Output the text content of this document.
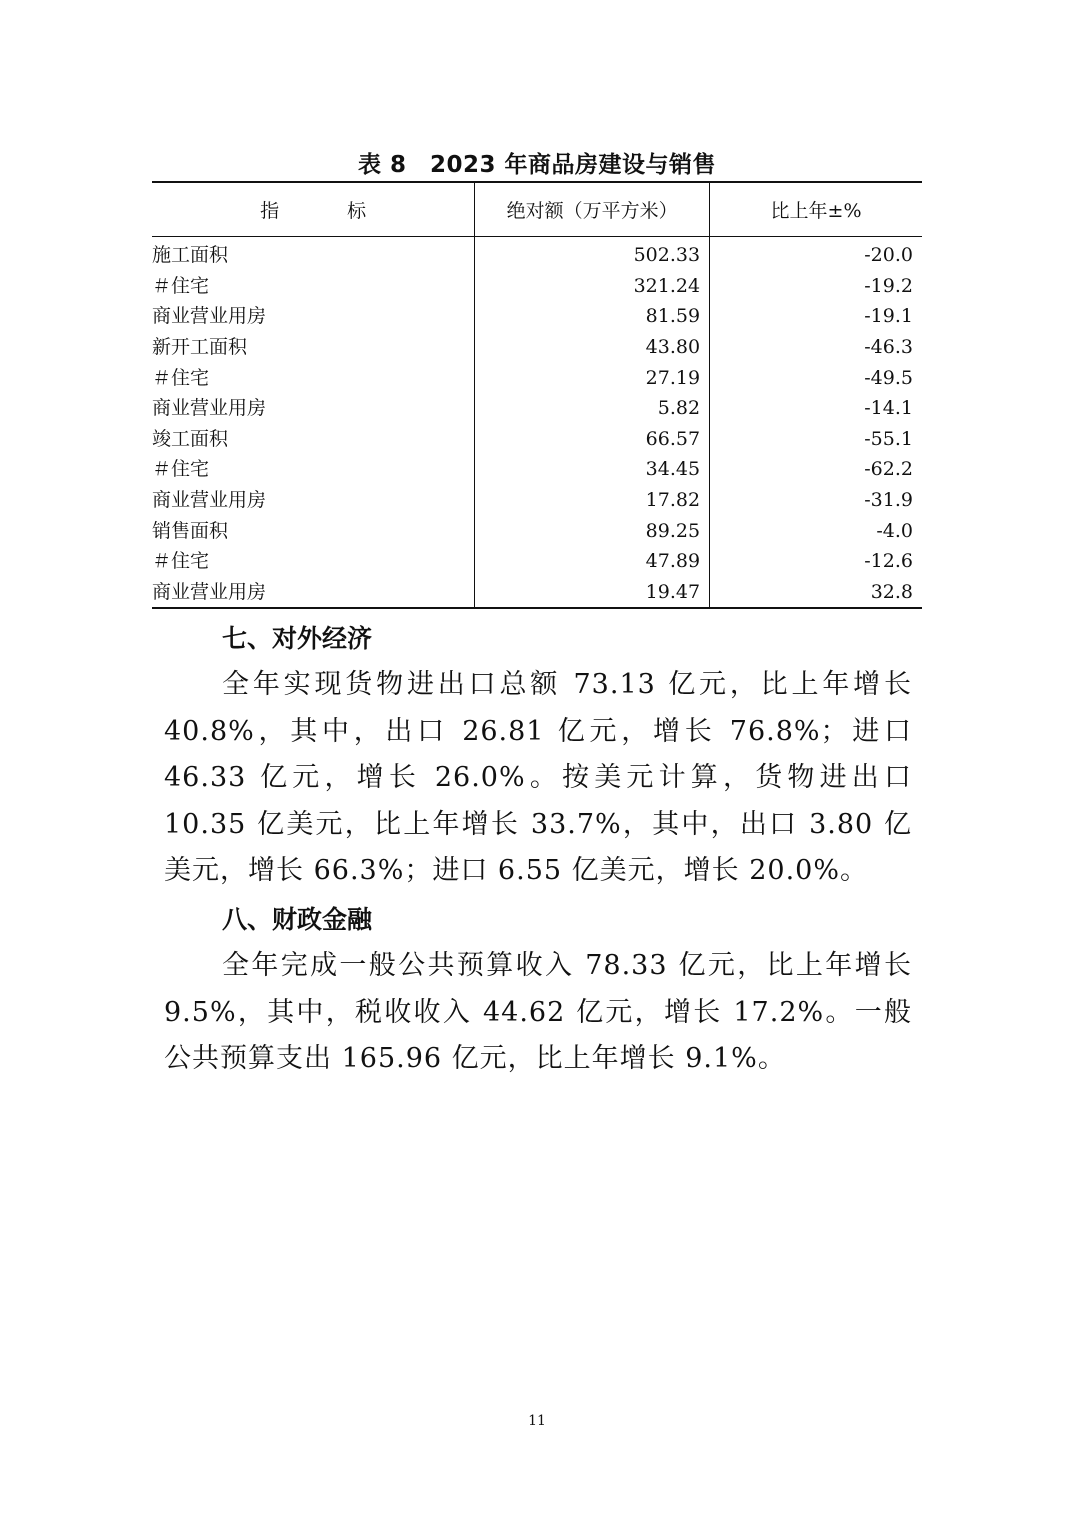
表 8　2023 年商品房建设与销售
指 标	绝对额（万平方米）	比上年±%
施工面积	502.33	-20.0
＃住宅	321.24	-19.2
商业营业用房	81.59	-19.1
新开工面积	43.80	-46.3
＃住宅	27.19	-49.5
商业营业用房	5.82	-14.1
竣工面积	66.57	-55.1
＃住宅	34.45	-62.2
商业营业用房	17.82	-31.9
销售面积	89.25	-4.0
＃住宅	47.89	-12.6
商业营业用房	19.47	32.8
七、对外经济

全年实现货物进出口总额 73.13 亿元，比上年增长 40.8%，其中，出口 26.81 亿元，增长 76.8%；进口 46.33 亿元，增长 26.0%。按美元计算，货物进出口 10.35 亿美元，比上年增长 33.7%，其中，出口 3.80 亿美元，增长 66.3%；进口 6.55 亿美元，增长 20.0%。

八、财政金融

全年完成一般公共预算收入 78.33 亿元，比上年增长 9.5%，其中，税收收入 44.62 亿元，增长 17.2%。一般公共预算支出 165.96 亿元，比上年增长 9.1%。

11
